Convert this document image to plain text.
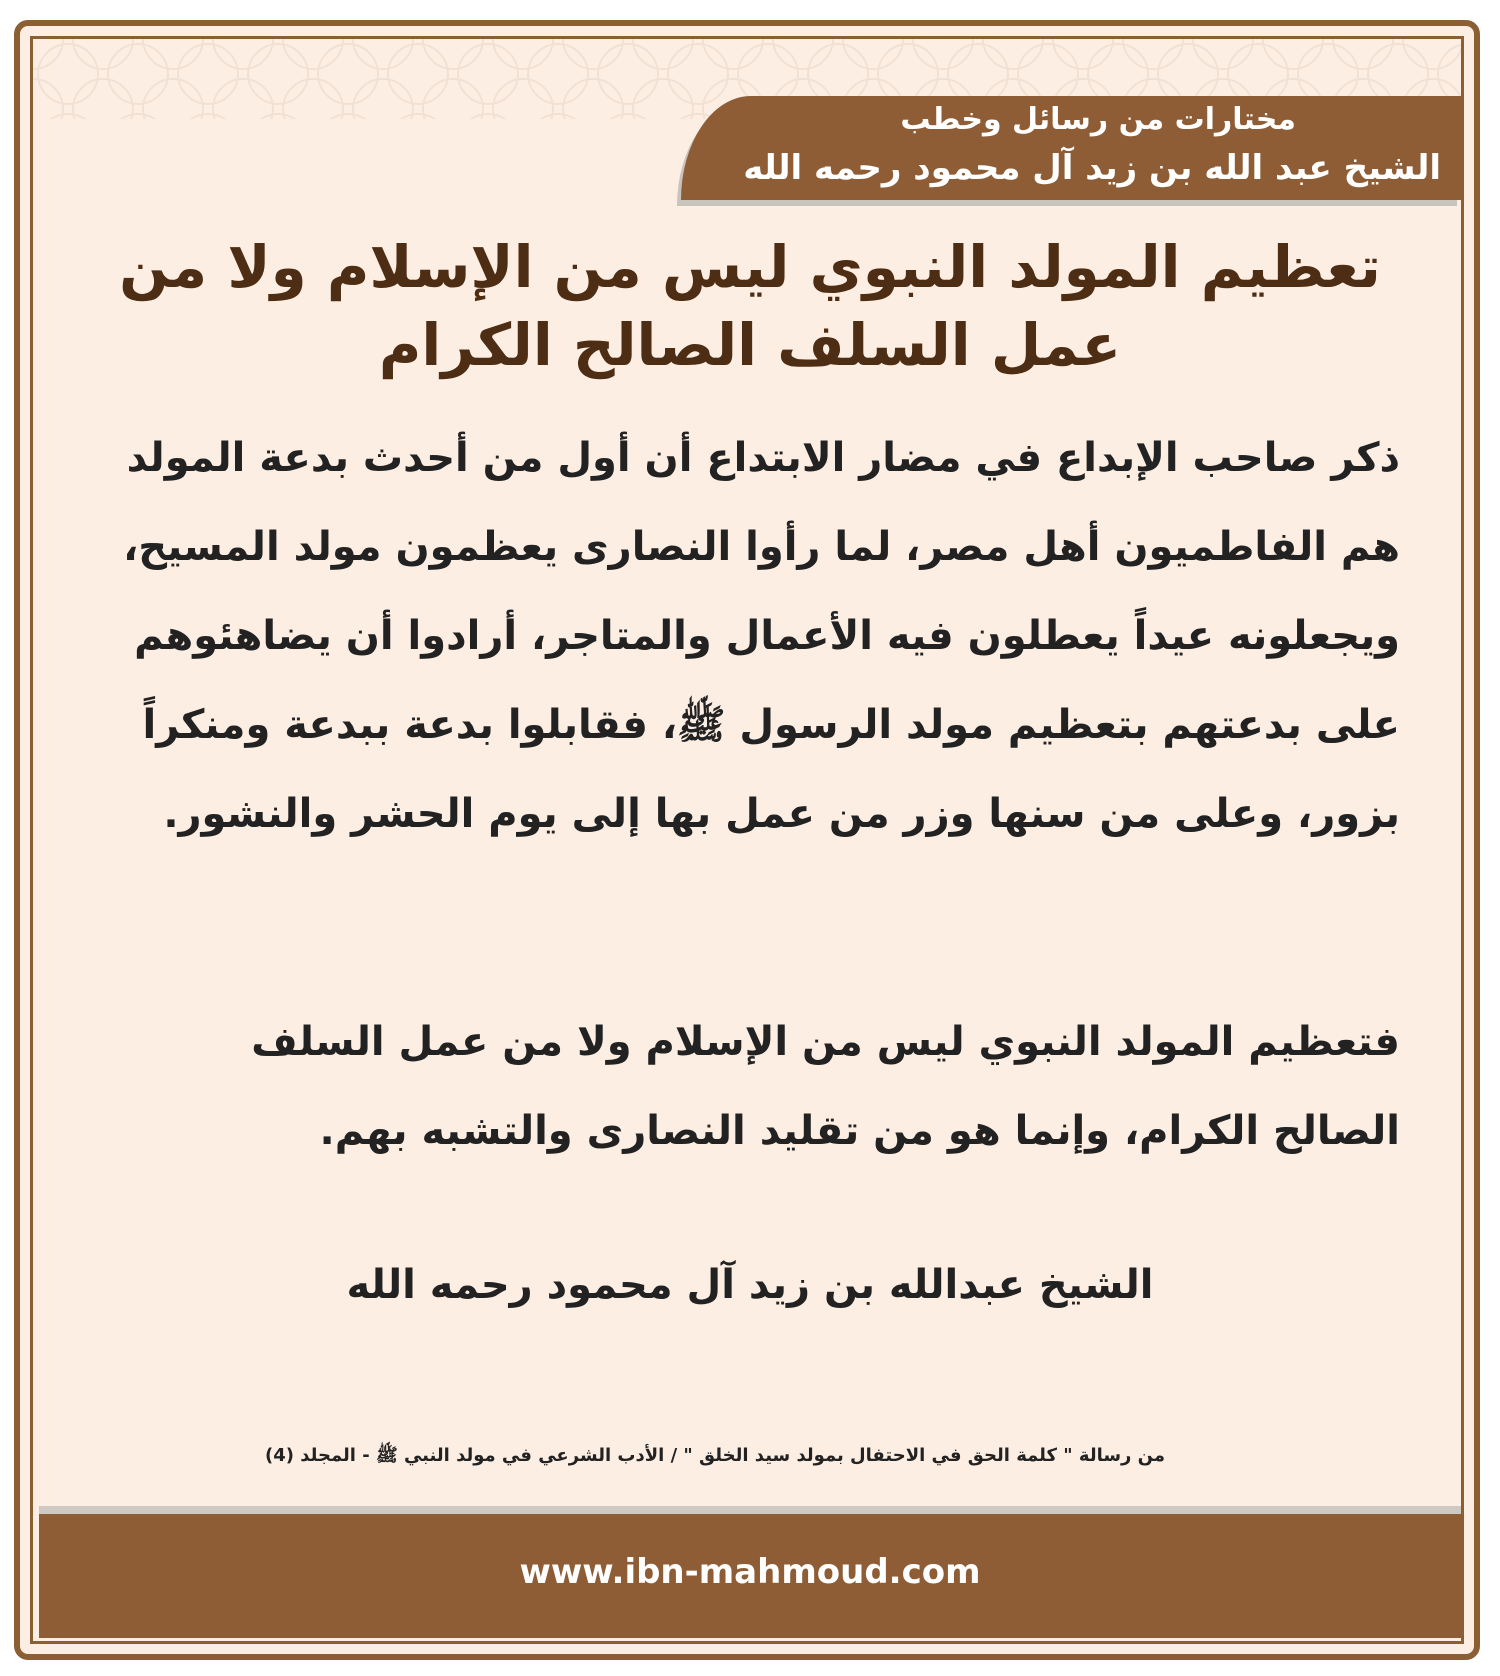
مختارات من رسائل وخطب
الشيخ عبد الله بن زيد آل محمود رحمه الله
تعظيم المولد النبوي ليس من الإسلام ولا من عمل السلف الصالح الكرام
ذكر صاحب الإبداع في مضار الابتداع أن أول من أحدث بدعة المولد هم الفاطميون أهل مصر، لما رأوا النصارى يعظمون مولد المسيح، ويجعلونه عيداً يعطلون فيه الأعمال والمتاجر، أرادوا أن يضاهئوهم على بدعتهم بتعظيم مولد الرسول ﷺ، فقابلوا بدعة ببدعة ومنكراً بزور، وعلى من سنها وزر من عمل بها إلى يوم الحشر والنشور.
فتعظيم المولد النبوي ليس من الإسلام ولا من عمل السلف الصالح الكرام، وإنما هو من تقليد النصارى والتشبه بهم.
الشيخ عبدالله بن زيد آل محمود رحمه الله
من رسالة " كلمة الحق في الاحتفال بمولد سيد الخلق " / الأدب الشرعي في مولد النبي ﷺ - المجلد (4)
www.ibn-mahmoud.com
